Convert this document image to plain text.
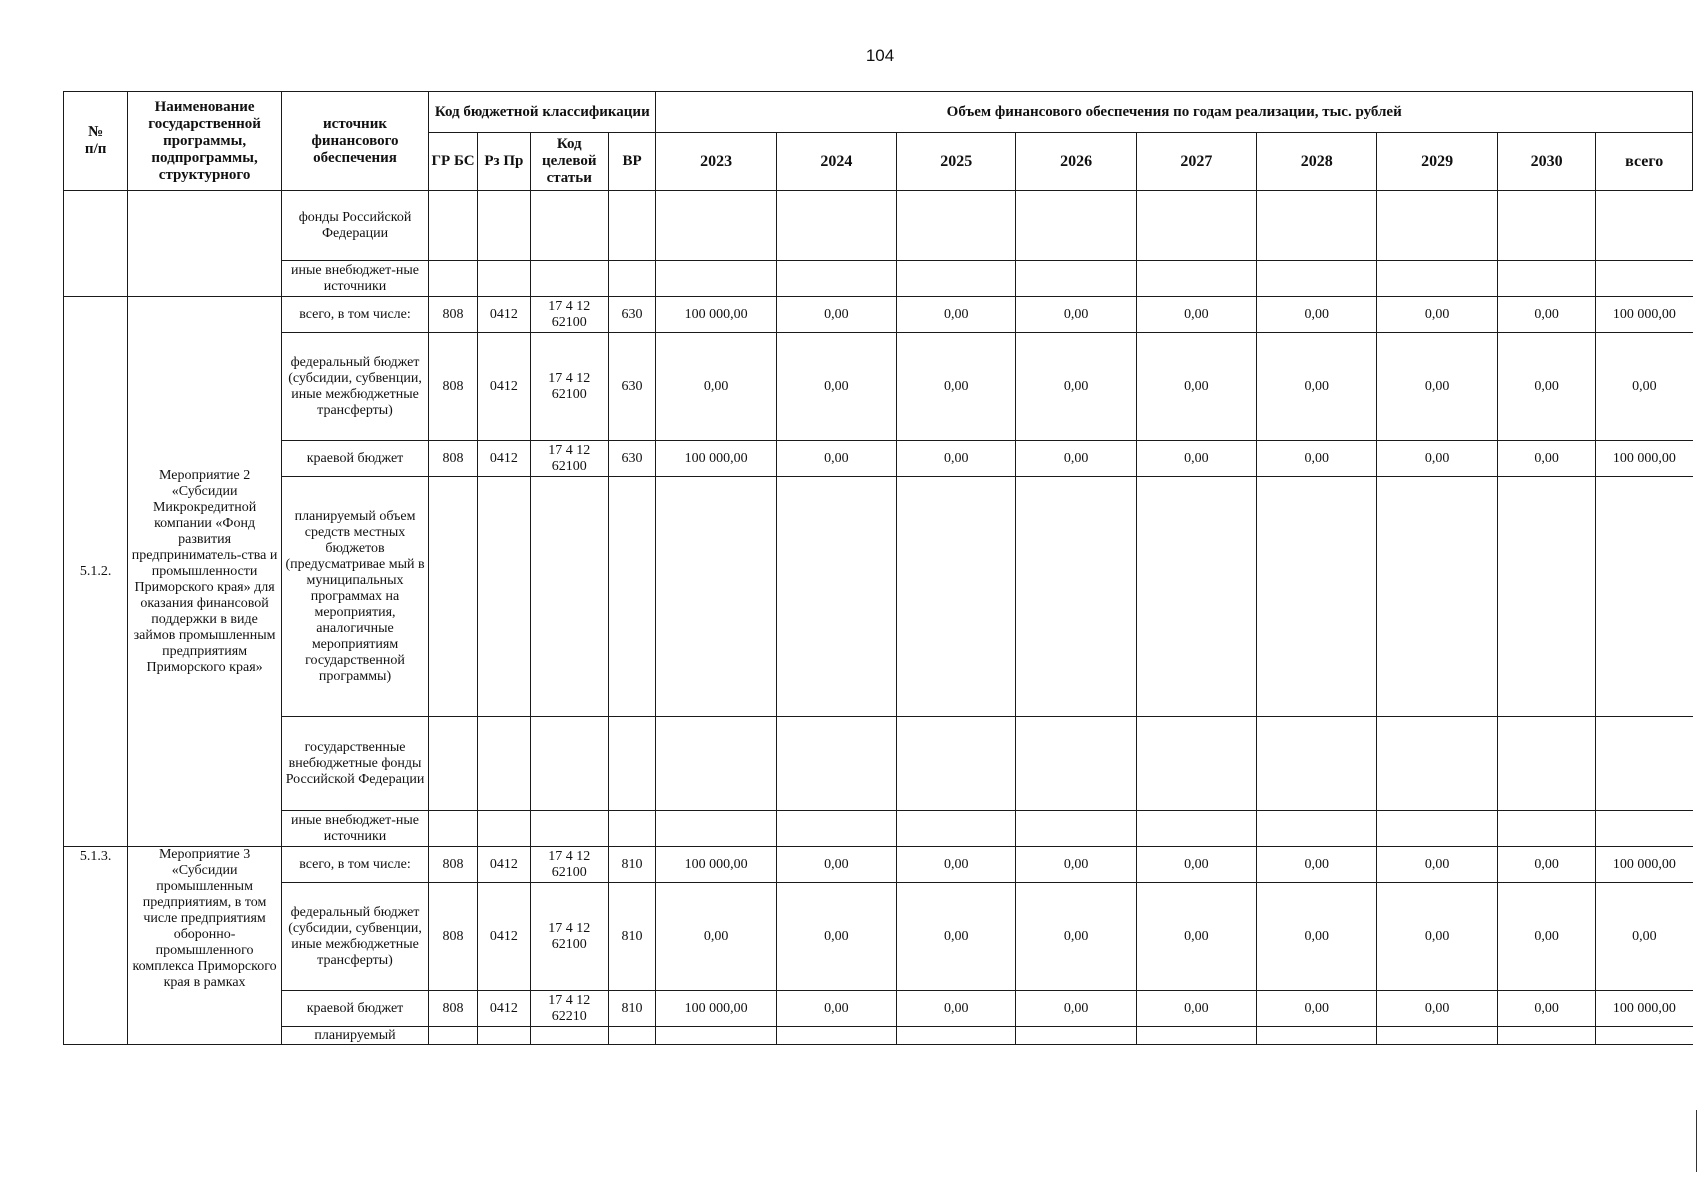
104
№
п/п	Наименование государственной программы, подпрограммы, структурного	источник финансового обеспечения	Код бюджетной классификации				Объем финансового обеспечения по годам реализации, тыс. рублей								
			ГР БС	Рз Пр	Код целевой статьи	ВР	2023	2024	2025	2026	2027	2028	2029	2030	всего
		фонды Российской Федерации													
		иные внебюджет-ные источники													
5.1.2.	Мероприятие 2 «Субсидии Микрокредитной компании «Фонд развития предприниматель-ства и промышленности Приморского края» для оказания финансовой поддержки в виде займов промышленным предприятиям Приморского края»	всего, в том числе:	808	0412	17 4 12 62100	630	100 000,00	0,00	0,00	0,00	0,00	0,00	0,00	0,00	100 000,00
		федеральный бюджет (субсидии, субвенции, иные межбюджетные трансферты)	808	0412	17 4 12 62100	630	0,00	0,00	0,00	0,00	0,00	0,00	0,00	0,00	0,00
		краевой бюджет	808	0412	17 4 12 62100	630	100 000,00	0,00	0,00	0,00	0,00	0,00	0,00	0,00	100 000,00
		планируемый объем средств местных бюджетов (предусматривае мый в муниципальных программах на мероприятия, аналогичные мероприятиям государственной программы)													
		государственные внебюджетные фонды Российской Федерации													
		иные внебюджет-ные источники													
5.1.3.	Мероприятие 3 «Субсидии промышленным предприятиям, в том числе предприятиям оборонно-промышленного комплекса Приморского края в рамках	всего, в том числе:	808	0412	17 4 12 62100	810	100 000,00	0,00	0,00	0,00	0,00	0,00	0,00	0,00	100 000,00
		федеральный бюджет (субсидии, субвенции, иные межбюджетные трансферты)	808	0412	17 4 12 62100	810	0,00	0,00	0,00	0,00	0,00	0,00	0,00	0,00	0,00
		краевой бюджет	808	0412	17 4 12 62210	810	100 000,00	0,00	0,00	0,00	0,00	0,00	0,00	0,00	100 000,00
		планируемый													
